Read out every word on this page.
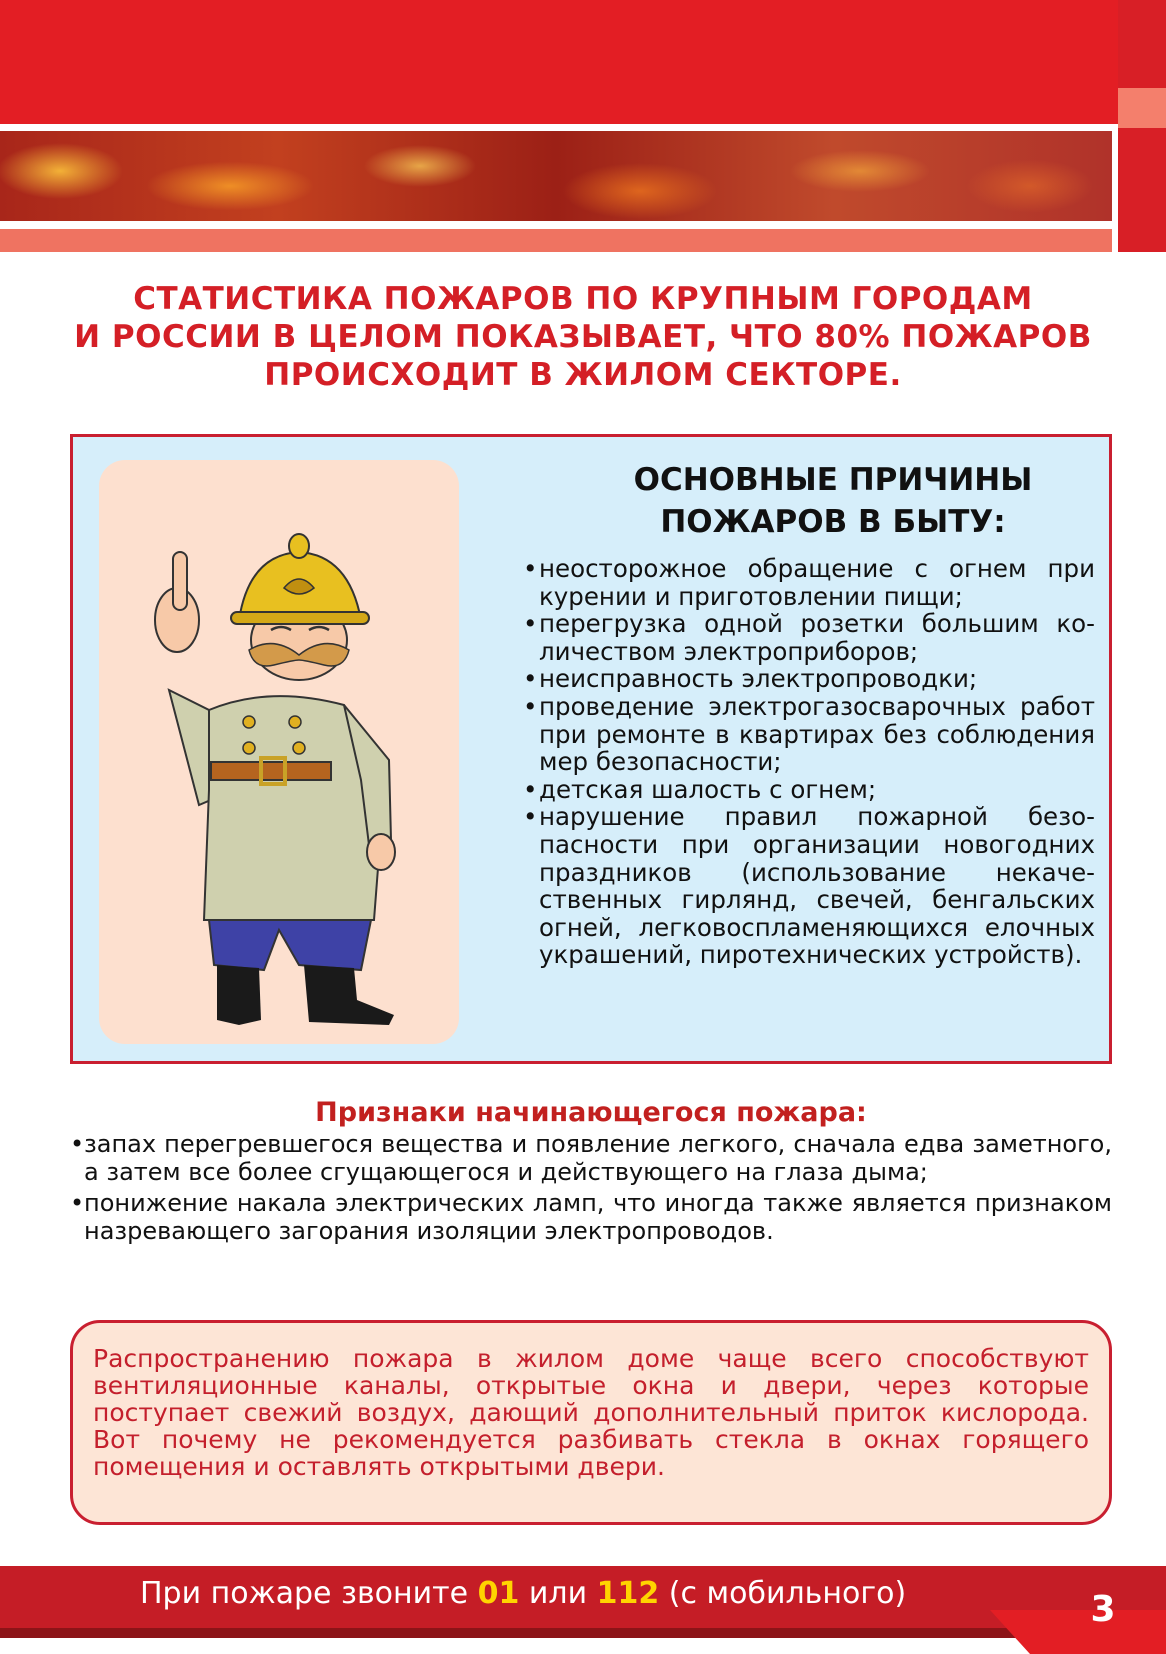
СТАТИСТИКА ПОЖАРОВ ПО КРУПНЫМ ГОРОДАМ
И РОССИИ В ЦЕЛОМ ПОКАЗЫВАЕТ, ЧТО 80% ПОЖАРОВ
ПРОИСХОДИТ В ЖИЛОМ СЕКТОРЕ.
ОСНОВНЫЕ ПРИЧИНЫ
ПОЖАРОВ В БЫТУ:
• неосторожное обращение с огнем при курении и приготовлении пищи;
• перегрузка одной розетки большим количеством электроприборов;
• неисправность электропроводки;
• проведение электрогазосварочных работ при ремонте в квартирах без соблюдения мер безопасности;
• детская шалость с огнем;
• нарушение правил пожарной безопасности при организации новогодних праздников (использование некачественных гирлянд, свечей, бенгальских огней, легковоспламеняющихся елочных украшений, пиротехнических устройств).
Признаки начинающегося пожара:
• запах перегревшегося вещества и появление легкого, сначала едва заметного, а затем все более сгущающегося и действующего на глаза дыма;
• понижение накала электрических ламп, что иногда также является признаком назревающего загорания изоляции электропроводов.
Распространению пожара в жилом доме чаще всего способствуют вентиляционные каналы, открытые окна и двери, через которые поступает свежий воздух, дающий дополнительный приток кислорода. Вот почему не рекомендуется разбивать стекла в окнах горящего помещения и оставлять открытыми двери.
При пожаре звоните 01 или 112 (с мобильного)	3
